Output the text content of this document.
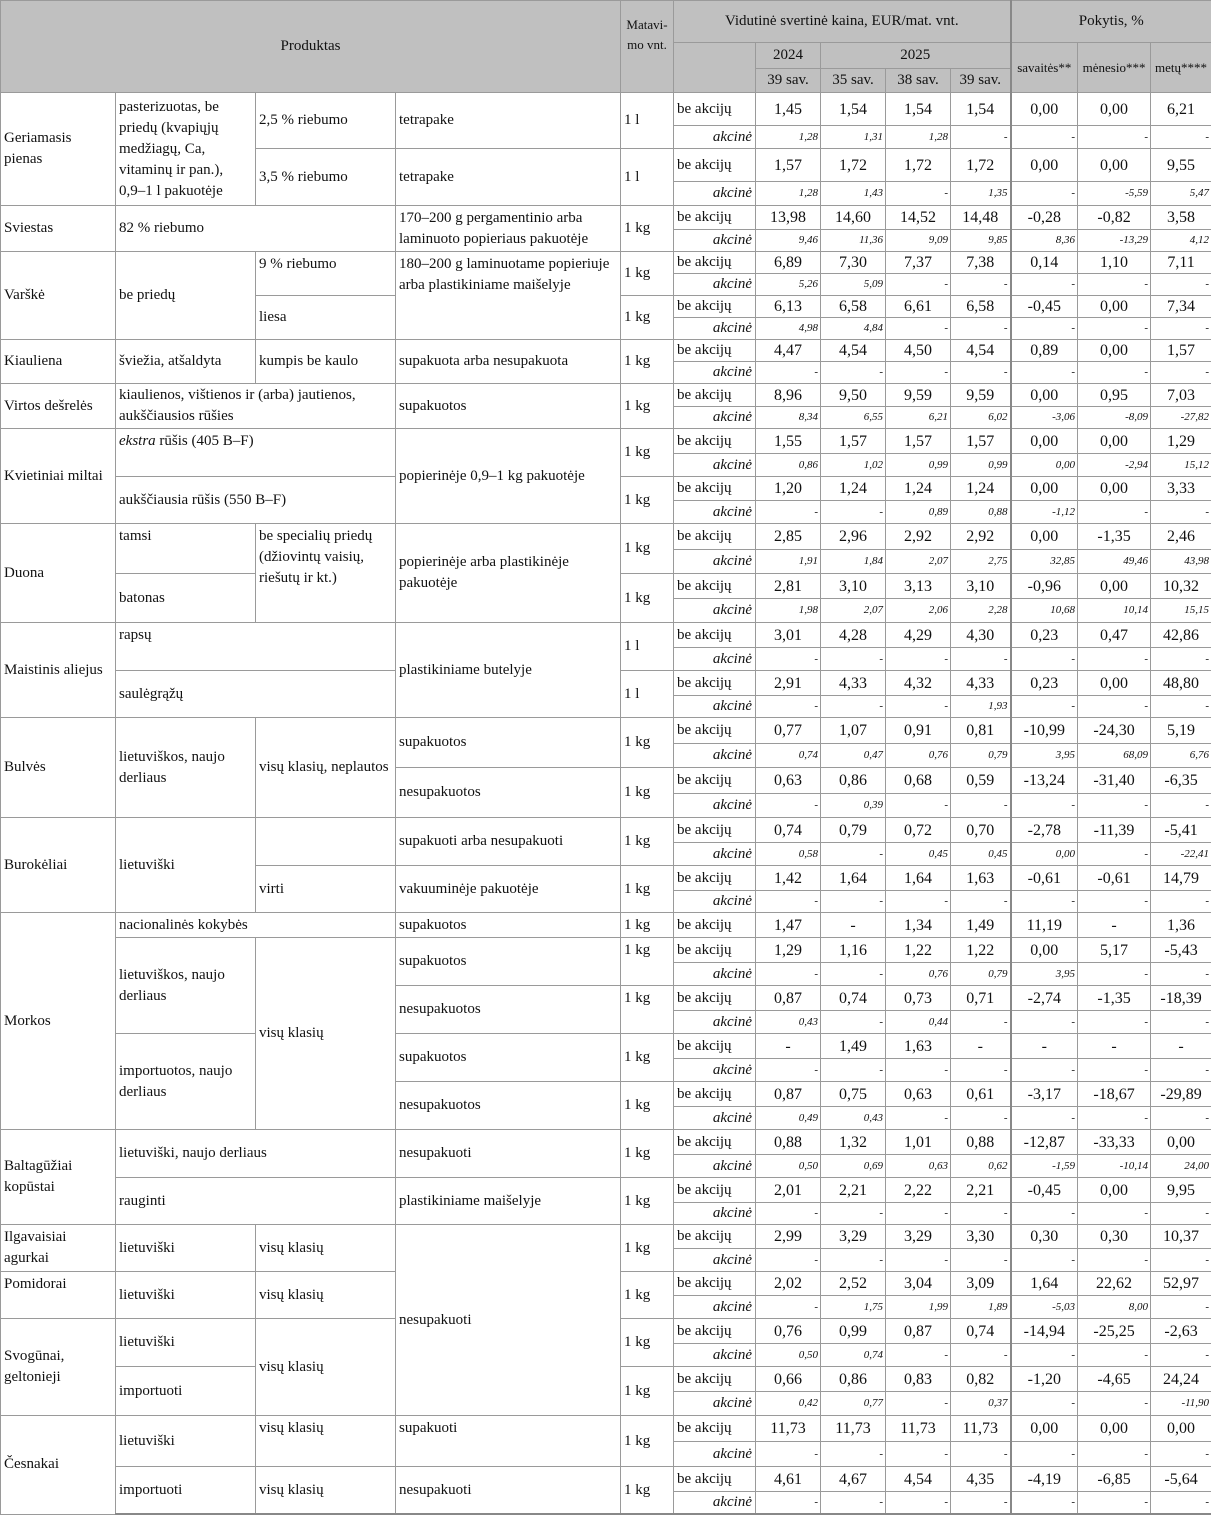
Produktas				Matavi-
mo vnt.	Vidutinė svertinė kaina, EUR/mat. vnt.					Pokytis, %		
						2024	2025			savaitės**	mėnesio***	metų****
						39 sav.	35 sav.	38 sav.	39 sav.			
Geriamasis pienas	pasterizuotas, be priedų (kvapiųjų medžiagų, Ca, vitaminų ir pan.), 0,9–1 l pakuotėje	2,5 % riebumo	tetrapake	1 l	be akcijų	1,45	1,54	1,54	1,54	0,00	0,00	6,21
					akcinė	1,28	1,31	1,28	-	-	-	-
		3,5 % riebumo	tetrapake	1 l	be akcijų	1,57	1,72	1,72	1,72	0,00	0,00	9,55
					akcinė	1,28	1,43	-	1,35	-	-5,59	5,47
Sviestas	82 % riebumo		170–200 g pergamentinio arba laminuoto popieriaus pakuotėje	1 kg	be akcijų	13,98	14,60	14,52	14,48	-0,28	-0,82	3,58
					akcinė	9,46	11,36	9,09	9,85	8,36	-13,29	4,12
Varškė	be priedų	9 % riebumo	180–200 g laminuotame popieriuje arba plastikiniame maišelyje	1 kg	be akcijų	6,89	7,30	7,37	7,38	0,14	1,10	7,11
					akcinė	5,26	5,09	-	-	-	-	-
		liesa		1 kg	be akcijų	6,13	6,58	6,61	6,58	-0,45	0,00	7,34
					akcinė	4,98	4,84	-	-	-	-	-
Kiauliena	šviežia, atšaldyta	kumpis be kaulo	supakuota arba nesupakuota	1 kg	be akcijų	4,47	4,54	4,50	4,54	0,89	0,00	1,57
					akcinė	-	-	-	-	-	-	-
Virtos dešrelės	kiaulienos, vištienos ir (arba) jautienos, aukščiausios rūšies		supakuotos	1 kg	be akcijų	8,96	9,50	9,59	9,59	0,00	0,95	7,03
					akcinė	8,34	6,55	6,21	6,02	-3,06	-8,09	-27,82
Kvietiniai miltai	ekstra rūšis (405 B–F)		popierinėje 0,9–1 kg pakuotėje	1 kg	be akcijų	1,55	1,57	1,57	1,57	0,00	0,00	1,29
					akcinė	0,86	1,02	0,99	0,99	0,00	-2,94	15,12
	aukščiausia rūšis (550 B–F)			1 kg	be akcijų	1,20	1,24	1,24	1,24	0,00	0,00	3,33
					akcinė	-	-	0,89	0,88	-1,12	-	-
Duona	tamsi	be specialių priedų (džiovintų vaisių, riešutų ir kt.)	popierinėje arba plastikinėje pakuotėje	1 kg	be akcijų	2,85	2,96	2,92	2,92	0,00	-1,35	2,46
					akcinė	1,91	1,84	2,07	2,75	32,85	49,46	43,98
	batonas			1 kg	be akcijų	2,81	3,10	3,13	3,10	-0,96	0,00	10,32
					akcinė	1,98	2,07	2,06	2,28	10,68	10,14	15,15
Maistinis aliejus	rapsų		plastikiniame butelyje	1 l	be akcijų	3,01	4,28	4,29	4,30	0,23	0,47	42,86
					akcinė	-	-	-	-	-	-	-
	saulėgrąžų			1 l	be akcijų	2,91	4,33	4,32	4,33	0,23	0,00	48,80
					akcinė	-	-	-	1,93	-	-	-
Bulvės	lietuviškos, naujo derliaus	visų klasių, neplautos	supakuotos	1 kg	be akcijų	0,77	1,07	0,91	0,81	-10,99	-24,30	5,19
					akcinė	0,74	0,47	0,76	0,79	3,95	68,09	6,76
			nesupakuotos	1 kg	be akcijų	0,63	0,86	0,68	0,59	-13,24	-31,40	-6,35
					akcinė	-	0,39	-	-	-	-	-
Burokėliai	lietuviški		supakuoti arba nesupakuoti	1 kg	be akcijų	0,74	0,79	0,72	0,70	-2,78	-11,39	-5,41
					akcinė	0,58	-	0,45	0,45	0,00	-	-22,41
		virti	vakuuminėje pakuotėje	1 kg	be akcijų	1,42	1,64	1,64	1,63	-0,61	-0,61	14,79
					akcinė	-	-	-	-	-	-	-
Morkos	nacionalinės kokybės		supakuotos	1 kg	be akcijų	1,47	-	1,34	1,49	11,19	-	1,36
	lietuviškos, naujo derliaus	visų klasių	supakuotos	1 kg	be akcijų	1,29	1,16	1,22	1,22	0,00	5,17	-5,43
					akcinė	-	-	0,76	0,79	3,95	-	-
			nesupakuotos	1 kg	be akcijų	0,87	0,74	0,73	0,71	-2,74	-1,35	-18,39
					akcinė	0,43	-	0,44	-	-	-	-
	importuotos, naujo derliaus		supakuotos	1 kg	be akcijų	-	1,49	1,63	-	-	-	-
					akcinė	-	-	-	-	-	-	-
			nesupakuotos	1 kg	be akcijų	0,87	0,75	0,63	0,61	-3,17	-18,67	-29,89
					akcinė	0,49	0,43	-	-	-	-	-
Baltagūžiai kopūstai	lietuviški, naujo derliaus		nesupakuoti	1 kg	be akcijų	0,88	1,32	1,01	0,88	-12,87	-33,33	0,00
					akcinė	0,50	0,69	0,63	0,62	-1,59	-10,14	24,00
	rauginti		plastikiniame maišelyje	1 kg	be akcijų	2,01	2,21	2,22	2,21	-0,45	0,00	9,95
					akcinė	-	-	-	-	-	-	-
Ilgavaisiai agurkai	lietuviški	visų klasių	nesupakuoti	1 kg	be akcijų	2,99	3,29	3,29	3,30	0,30	0,30	10,37
					akcinė	-	-	-	-	-	-	-
Pomidorai	lietuviški	visų klasių		1 kg	be akcijų	2,02	2,52	3,04	3,09	1,64	22,62	52,97
					akcinė	-	1,75	1,99	1,89	-5,03	8,00	-
Svogūnai, geltonieji	lietuviški	visų klasių		1 kg	be akcijų	0,76	0,99	0,87	0,74	-14,94	-25,25	-2,63
					akcinė	0,50	0,74	-	-	-	-	-
	importuoti			1 kg	be akcijų	0,66	0,86	0,83	0,82	-1,20	-4,65	24,24
					akcinė	0,42	0,77	-	0,37	-	-	-11,90
Česnakai	lietuviški	visų klasių	supakuoti	1 kg	be akcijų	11,73	11,73	11,73	11,73	0,00	0,00	0,00
					akcinė	-	-	-	-	-	-	-
	importuoti	visų klasių	nesupakuoti	1 kg	be akcijų	4,61	4,67	4,54	4,35	-4,19	-6,85	-5,64
					akcinė	-	-	-	-	-	-	-
